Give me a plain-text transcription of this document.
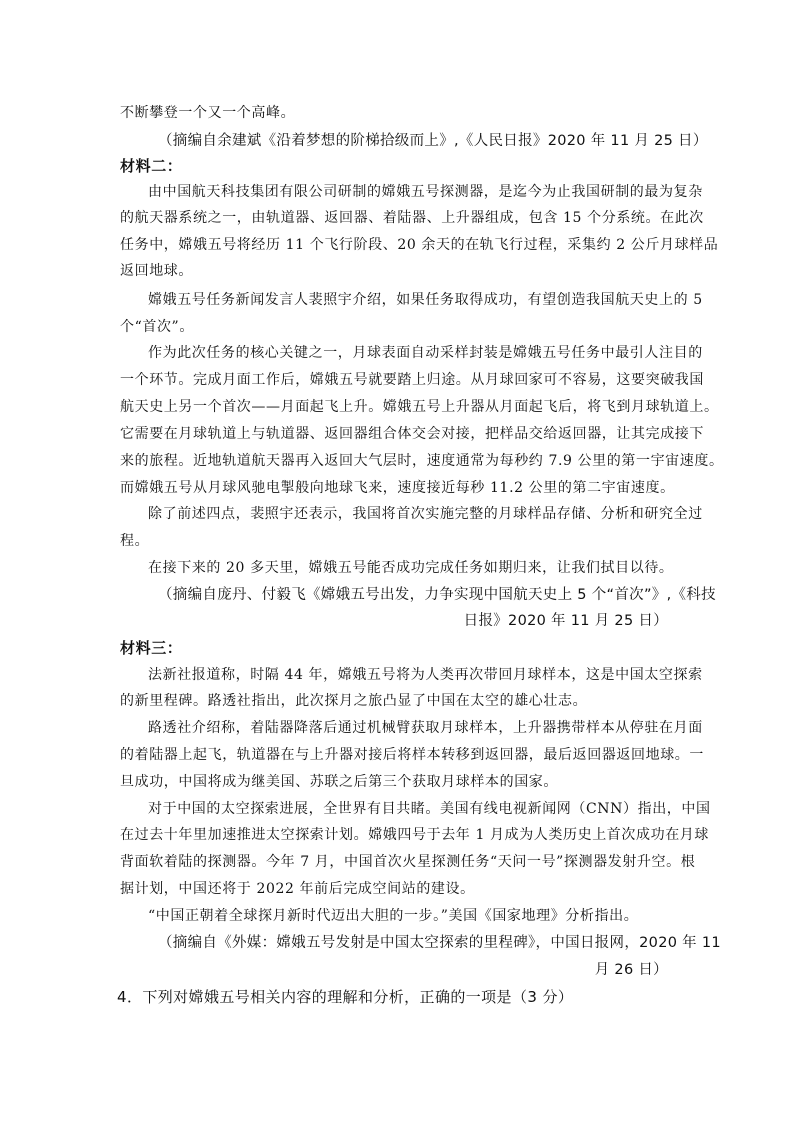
不断攀登一个又一个高峰。
（摘编自余建斌《沿着梦想的阶梯拾级而上》,《人民日报》2020 年 11 月 25 日）
材料二：
由中国航天科技集团有限公司研制的嫦娥五号探测器，是迄今为止我国研制的最为复杂
的航天器系统之一，由轨道器、返回器、着陆器、上升器组成，包含 15 个分系统。在此次
任务中，嫦娥五号将经历 11 个飞行阶段、20 余天的在轨飞行过程，采集约 2 公斤月球样品
返回地球。
嫦娥五号任务新闻发言人裴照宇介绍，如果任务取得成功，有望创造我国航天史上的 5
个“首次”。
作为此次任务的核心关键之一，月球表面自动采样封装是嫦娥五号任务中最引人注目的
一个环节。完成月面工作后，嫦娥五号就要踏上归途。从月球回家可不容易，这要突破我国
航天史上另一个首次——月面起飞上升。嫦娥五号上升器从月面起飞后，将飞到月球轨道上。
它需要在月球轨道上与轨道器、返回器组合体交会对接，把样品交给返回器，让其完成接下
来的旅程。近地轨道航天器再入返回大气层时，速度通常为每秒约 7.9 公里的第一宇宙速度。
而嫦娥五号从月球风驰电掣般向地球飞来，速度接近每秒 11.2 公里的第二宇宙速度。
除了前述四点，裴照宇还表示，我国将首次实施完整的月球样品存储、分析和研究全过
程。
在接下来的 20 多天里，嫦娥五号能否成功完成任务如期归来，让我们拭目以待。
（摘编自庞丹、付毅飞《嫦娥五号出发，力争实现中国航天史上 5 个“首次”》,《科技
日报》2020 年 11 月 25 日）
材料三：
法新社报道称，时隔 44 年，嫦娥五号将为人类再次带回月球样本，这是中国太空探索
的新里程碑。路透社指出，此次探月之旅凸显了中国在太空的雄心壮志。
路透社介绍称，着陆器降落后通过机械臂获取月球样本，上升器携带样本从停驻在月面
的着陆器上起飞，轨道器在与上升器对接后将样本转移到返回器，最后返回器返回地球。一
旦成功，中国将成为继美国、苏联之后第三个获取月球样本的国家。
对于中国的太空探索进展，全世界有目共睹。美国有线电视新闻网（CNN）指出，中国
在过去十年里加速推进太空探索计划。嫦娥四号于去年 1 月成为人类历史上首次成功在月球
背面软着陆的探测器。今年 7 月，中国首次火星探测任务“天问一号”探测器发射升空。根
据计划，中国还将于 2022 年前后完成空间站的建设。
“中国正朝着全球探月新时代迈出大胆的一步。”美国《国家地理》分析指出。
（摘编自《外媒：嫦娥五号发射是中国太空探索的里程碑》，中国日报网，2020 年 11
月 26 日）
4．下列对嫦娥五号相关内容的理解和分析，正确的一项是（3 分）
